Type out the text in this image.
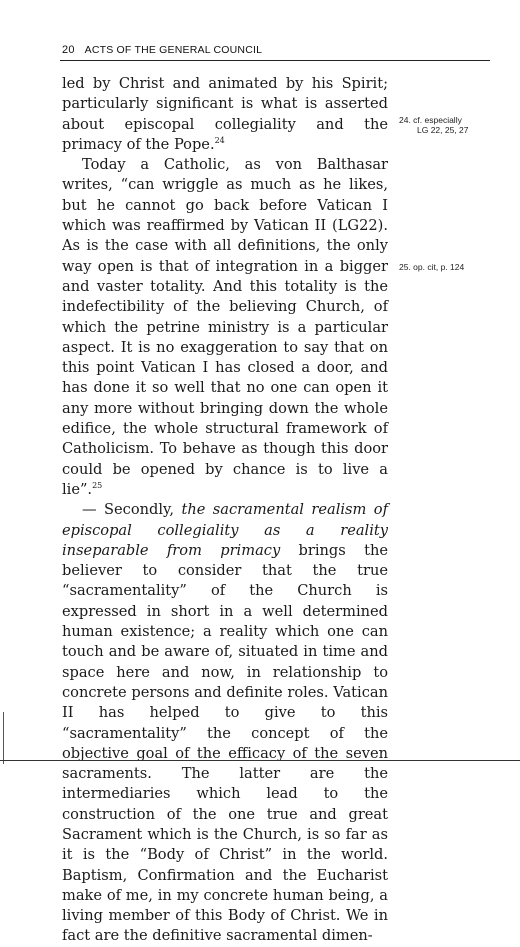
20 ACTS OF THE GENERAL COUNCIL

led by Christ and animated by his Spirit; particularly significant is what is asserted about episcopal collegiality and the primacy of the Pope.$^{24}$

Today a Catholic, as von Balthasar writes, “can wriggle as much as he likes, but he cannot go back before Vatican I which was reaffirmed by Vatican II (LG22). As is the case with all definitions, the only way open is that of integration in a bigger and vaster totality. And this totality is the indefectibility of the believing Church, of which the petrine ministry is a particular aspect. It is no exaggeration to say that on this point Vatican I has closed a door, and has done it so well that no one can open it any more without bringing down the whole edifice, the whole structural framework of Catholicism. To behave as though this door could be opened by chance is to live a lie”.$^{25}$

— Secondly, the sacramental realism of episcopal collegiality as a reality inseparable from primacy brings the believer to consider that the true “sacramentality” of the Church is expressed in short in a well determined human existence; a reality which one can touch and be aware of, situated in time and space here and now, in relationship to concrete persons and definite roles. Vatican II has helped to give to this “sacramentality” the concept of the objective goal of the efficacy of the seven sacraments. The latter are the intermediaries which lead to the construction of the one true and great Sacrament which is the Church, is so far as it is the “Body of Christ” in the world. Baptism, Confirmation and the Eucharist make of me, in my concrete human being, a living member of this Body of Christ. We in fact are the definitive sacramental dimen-

24. cf. especially
LG 22, 25, 27
25. op. cit, p. 124
